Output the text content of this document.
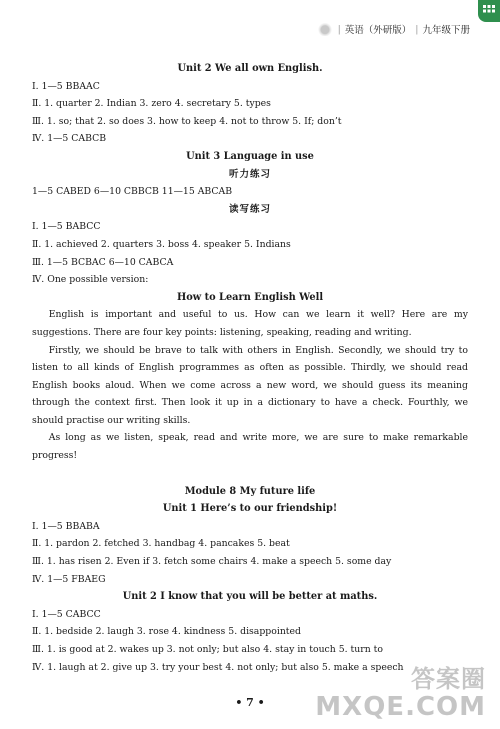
| 英语（外研版） | 九年级下册
Unit 2 We all own English.
Ⅰ. 1—5 BBAAC
Ⅱ. 1. quarter 2. Indian 3. zero 4. secretary 5. types
Ⅲ. 1. so; that 2. so does 3. how to keep 4. not to throw 5. If; don’t
Ⅳ. 1—5 CABCB
Unit 3 Language in use
听力练习
1—5 CABED 6—10 CBBCB 11—15 ABCAB
读写练习
Ⅰ. 1—5 BABCC
Ⅱ. 1. achieved 2. quarters 3. boss 4. speaker 5. Indians
Ⅲ. 1—5 BCBAC 6—10 CABCA
Ⅳ. One possible version:
How to Learn English Well
English is important and useful to us. How can we learn it well? Here are my suggestions. There are four key points: listening, speaking, reading and writing.
Firstly, we should be brave to talk with others in English. Secondly, we should try to listen to all kinds of English programmes as often as possible. Thirdly, we should read English books aloud. When we come across a new word, we should guess its meaning through the context first. Then look it up in a dictionary to have a check. Fourthly, we should practise our writing skills.
As long as we listen, speak, read and write more, we are sure to make remarkable progress!
Module 8 My future life
Unit 1 Here’s to our friendship!
Ⅰ. 1—5 BBABA
Ⅱ. 1. pardon 2. fetched 3. handbag 4. pancakes 5. beat
Ⅲ. 1. has risen 2. Even if 3. fetch some chairs 4. make a speech 5. some day
Ⅳ. 1—5 FBAEG
Unit 2 I know that you will be better at maths.
Ⅰ. 1—5 CABCC
Ⅱ. 1. bedside 2. laugh 3. rose 4. kindness 5. disappointed
Ⅲ. 1. is good at 2. wakes up 3. not only; but also 4. stay in touch 5. turn to
Ⅳ. 1. laugh at 2. give up 3. try your best 4. not only; but also 5. make a speech
• 7 •
答案圈
MXQE.COM
